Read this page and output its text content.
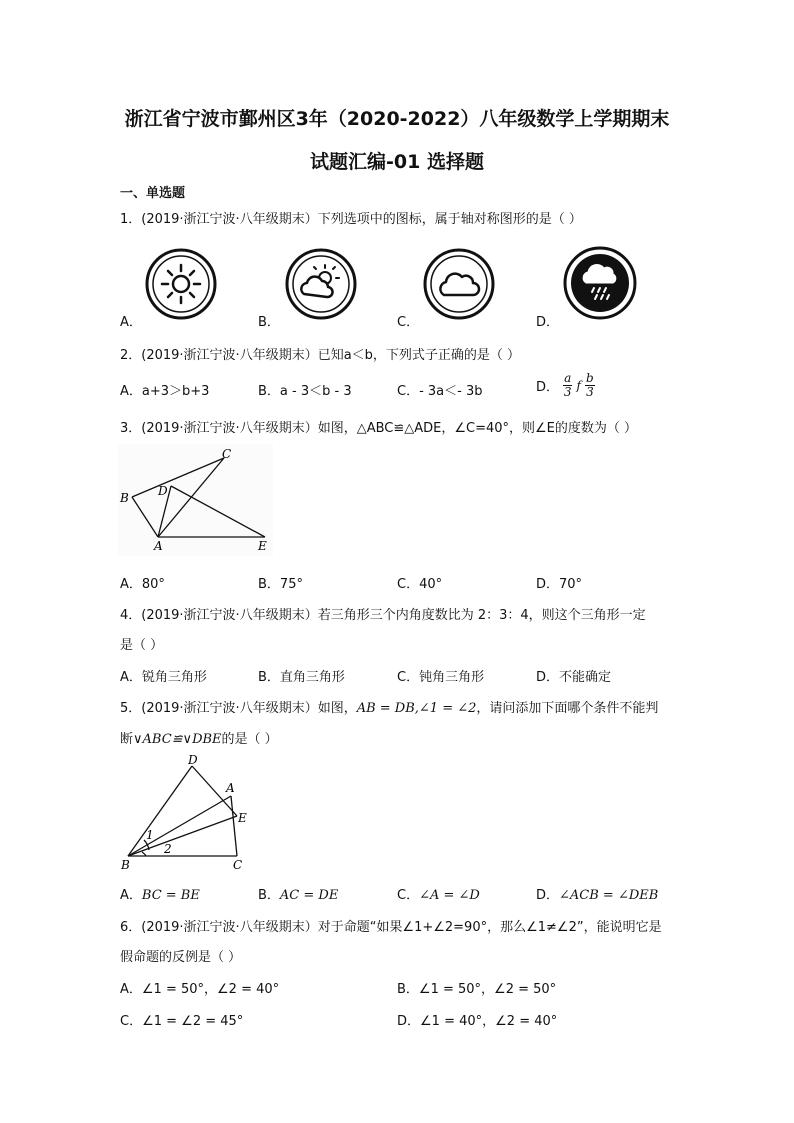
浙江省宁波市鄞州区3年（2020-2022）八年级数学上学期期末
试题汇编-01 选择题
一、单选题
1．(2019·浙江宁波·八年级期末）下列选项中的图标，属于轴对称图形的是（ ）
A．	B．	C．	D．
2．(2019·浙江宁波·八年级期末）已知a＜b，下列式子正确的是（ ）
A．a+3＞b+3	B．a - 3＜b - 3	C．- 3a＜- 3b	D． $\frac{a}{3}$ f $\frac{b}{3}$
3．(2019·浙江宁波·八年级期末）如图，△ABC≌△ADE，∠C=40°，则∠E的度数为（ ）
C
B D
A	E
A．80°	B．75°	C．40°	D．70°
4．(2019·浙江宁波·八年级期末）若三角形三个内角度数比为 2：3：4，则这个三角形一定
是（ ）
A．锐角三角形	B．直角三角形	C．钝角三角形	D．不能确定
5．(2019·浙江宁波·八年级期末）如图，AB = DB,∠1 = ∠2，请问添加下面哪个条件不能判
断∨ABC≌∨DBE的是（ ）
D
A
E
B	C
1
2
A．BC = BE	B．AC = DE	C．∠A = ∠D	D．∠ACB = ∠DEB
6．(2019·浙江宁波·八年级期末）对于命题“如果∠1+∠2=90°，那么∠1≠∠2”，能说明它是
假命题的反例是（ ）
A．∠1 = 50°，∠2 = 40°	B．∠1 = 50°，∠2 = 50°
C．∠1 = ∠2 = 45°	D．∠1 = 40°，∠2 = 40°
